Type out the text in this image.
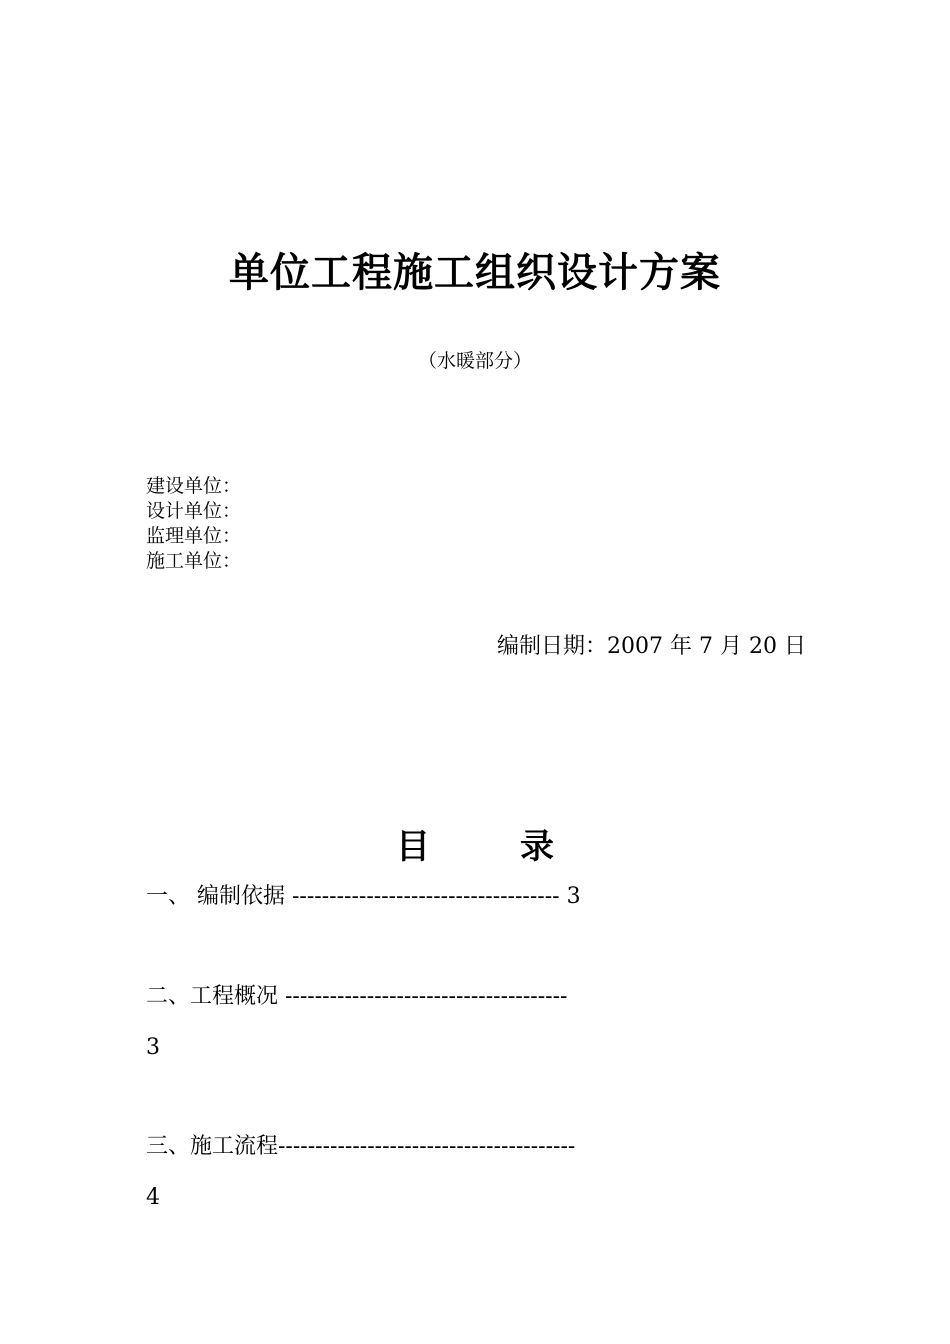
单位工程施工组织设计方案
（水暖部分）
建设单位：
设计单位：
监理单位：
施工单位：
编制日期：2007 年 7 月 20 日
目	录
一、 编制依据 ------------------------------------ 3
二、工程概况 --------------------------------------
3
三、施工流程----------------------------------------
4
